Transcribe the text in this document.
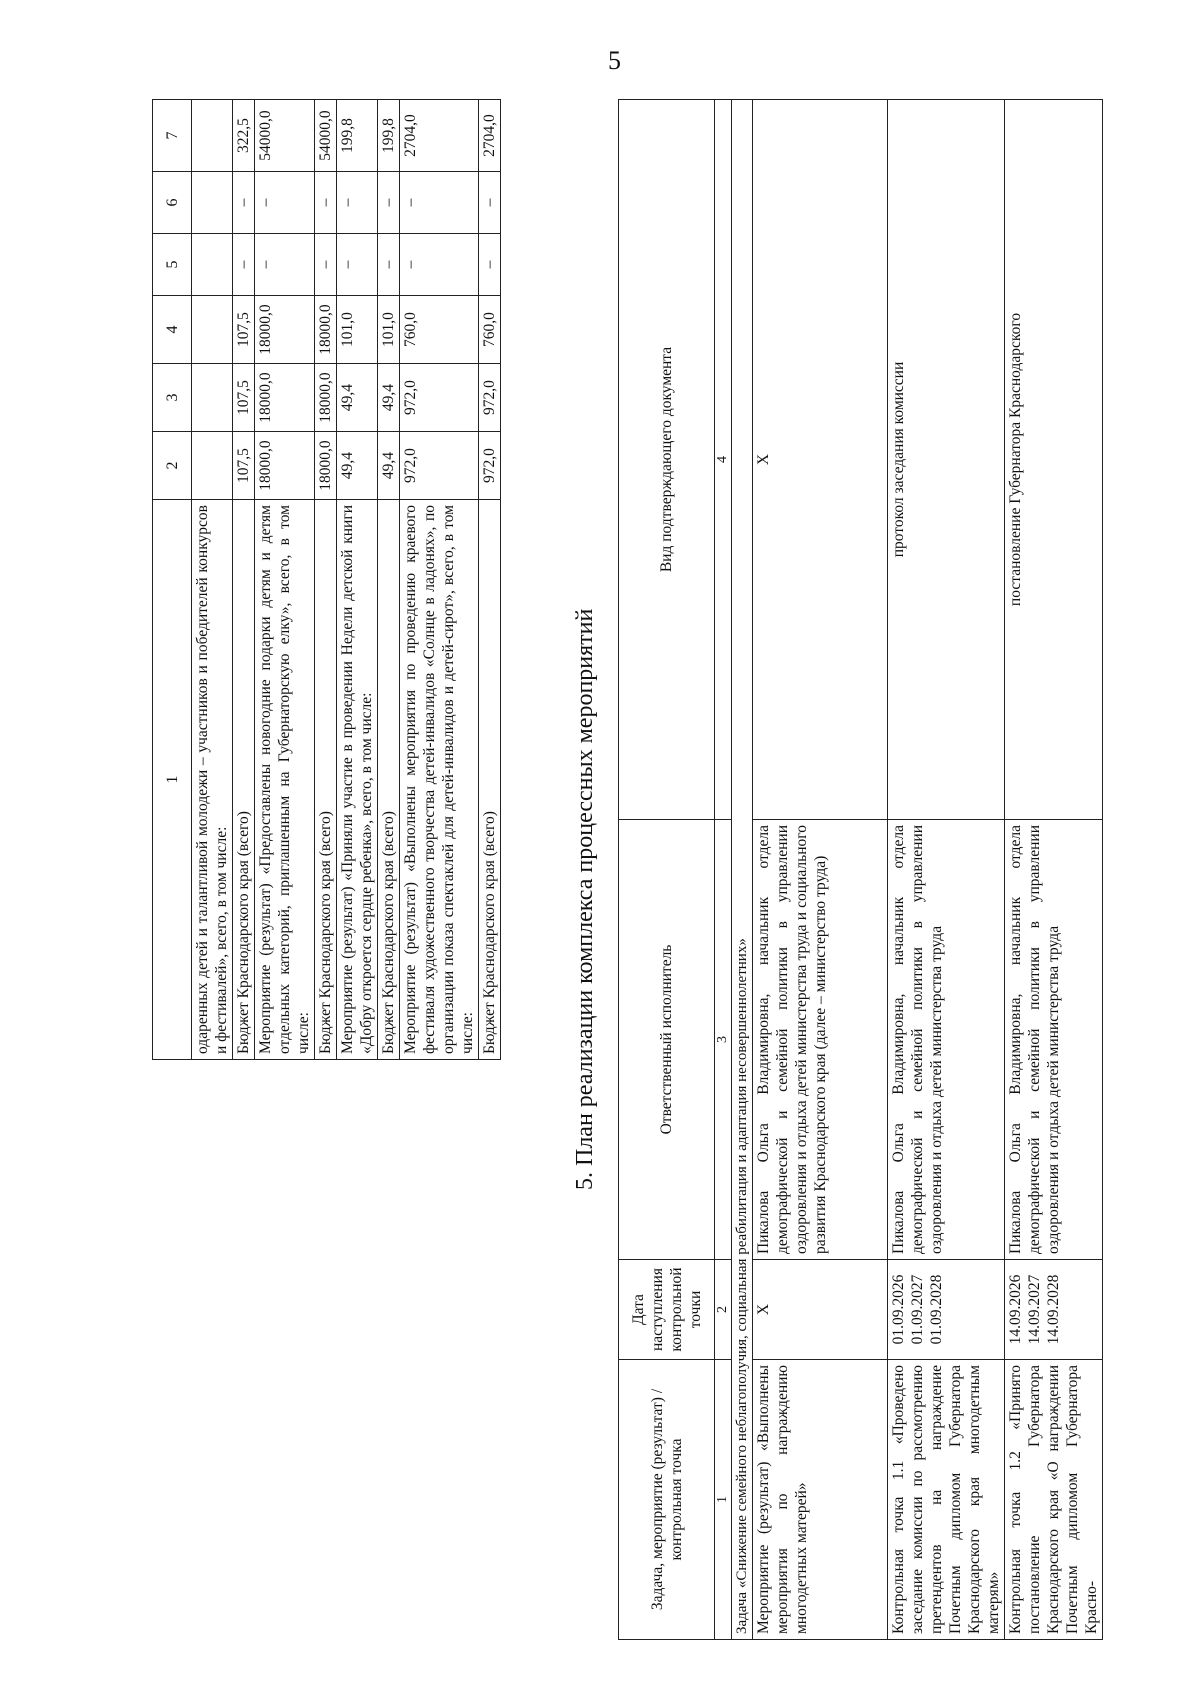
5
1	2	3	4	5	6	7
одаренных детей и талантливой молодежи – участников и победителей конкурсов и фестивалей», всего, в том числе:						
Бюджет Краснодарского края (всего)	107,5	107,5	107,5	–	–	322,5
Мероприятие (результат) «Предоставлены новогодние подарки детям и детям отдельных категорий, приглашенным на Губернаторскую елку», всего, в том числе:	18000,0	18000,0	18000,0	–	–	54000,0
Бюджет Краснодарского края (всего)	18000,0	18000,0	18000,0	–	–	54000,0
Мероприятие (результат) «Приняли участие в проведении Недели детской книги «Добру откроется сердце ребенка», всего, в том числе:	49,4	49,4	101,0	–	–	199,8
Бюджет Краснодарского края (всего)	49,4	49,4	101,0	–	–	199,8
Мероприятие (результат) «Выполнены мероприятия по проведению краевого фестиваля художественного творчества детей-инвалидов «Солнце в ладонях», по организации показа спектаклей для детей-инвалидов и детей-сирот», всего, в том числе:	972,0	972,0	760,0	–	–	2704,0
Бюджет Краснодарского края (всего)	972,0	972,0	760,0	–	–	2704,0
5. План реализации комплекса процессных мероприятий
Задача, мероприятие (результат) / контрольная точка	Дата наступления контрольной точки	Ответственный исполнитель	Вид подтверждающего документа
1	2	3	4
Задача «Снижение семейного неблагополучия, социальная реабилитация и адаптация несовершеннолетних»			
Мероприятие (результат) «Выполнены мероприятия по награждению многодетных матерей»	Х	Пикалова Ольга Владимировна, начальник отдела демографической и семейной политики в управлении оздоровления и отдыха детей министерства труда и социального развития Краснодарского края (далее – министерство труда)	Х
Контрольная точка 1.1 «Проведено заседание комиссии по рассмотрению претендентов на награждение Почетным дипломом Губернатора Краснодарского края многодетным матерям»	01.09.2026 01.09.2027 01.09.2028	Пикалова Ольга Владимировна, начальник отдела демографической и семейной политики в управлении оздоровления и отдыха детей министерства труда	протокол заседания комиссии
Контрольная точка 1.2 «Принято постановление Губернатора Краснодарского края «О награждении Почетным дипломом Губернатора Красно-	14.09.2026 14.09.2027 14.09.2028	Пикалова Ольга Владимировна, начальник отдела демографической и семейной политики в управлении оздоровления и отдыха детей министерства труда	постановление Губернатора Краснодарского
